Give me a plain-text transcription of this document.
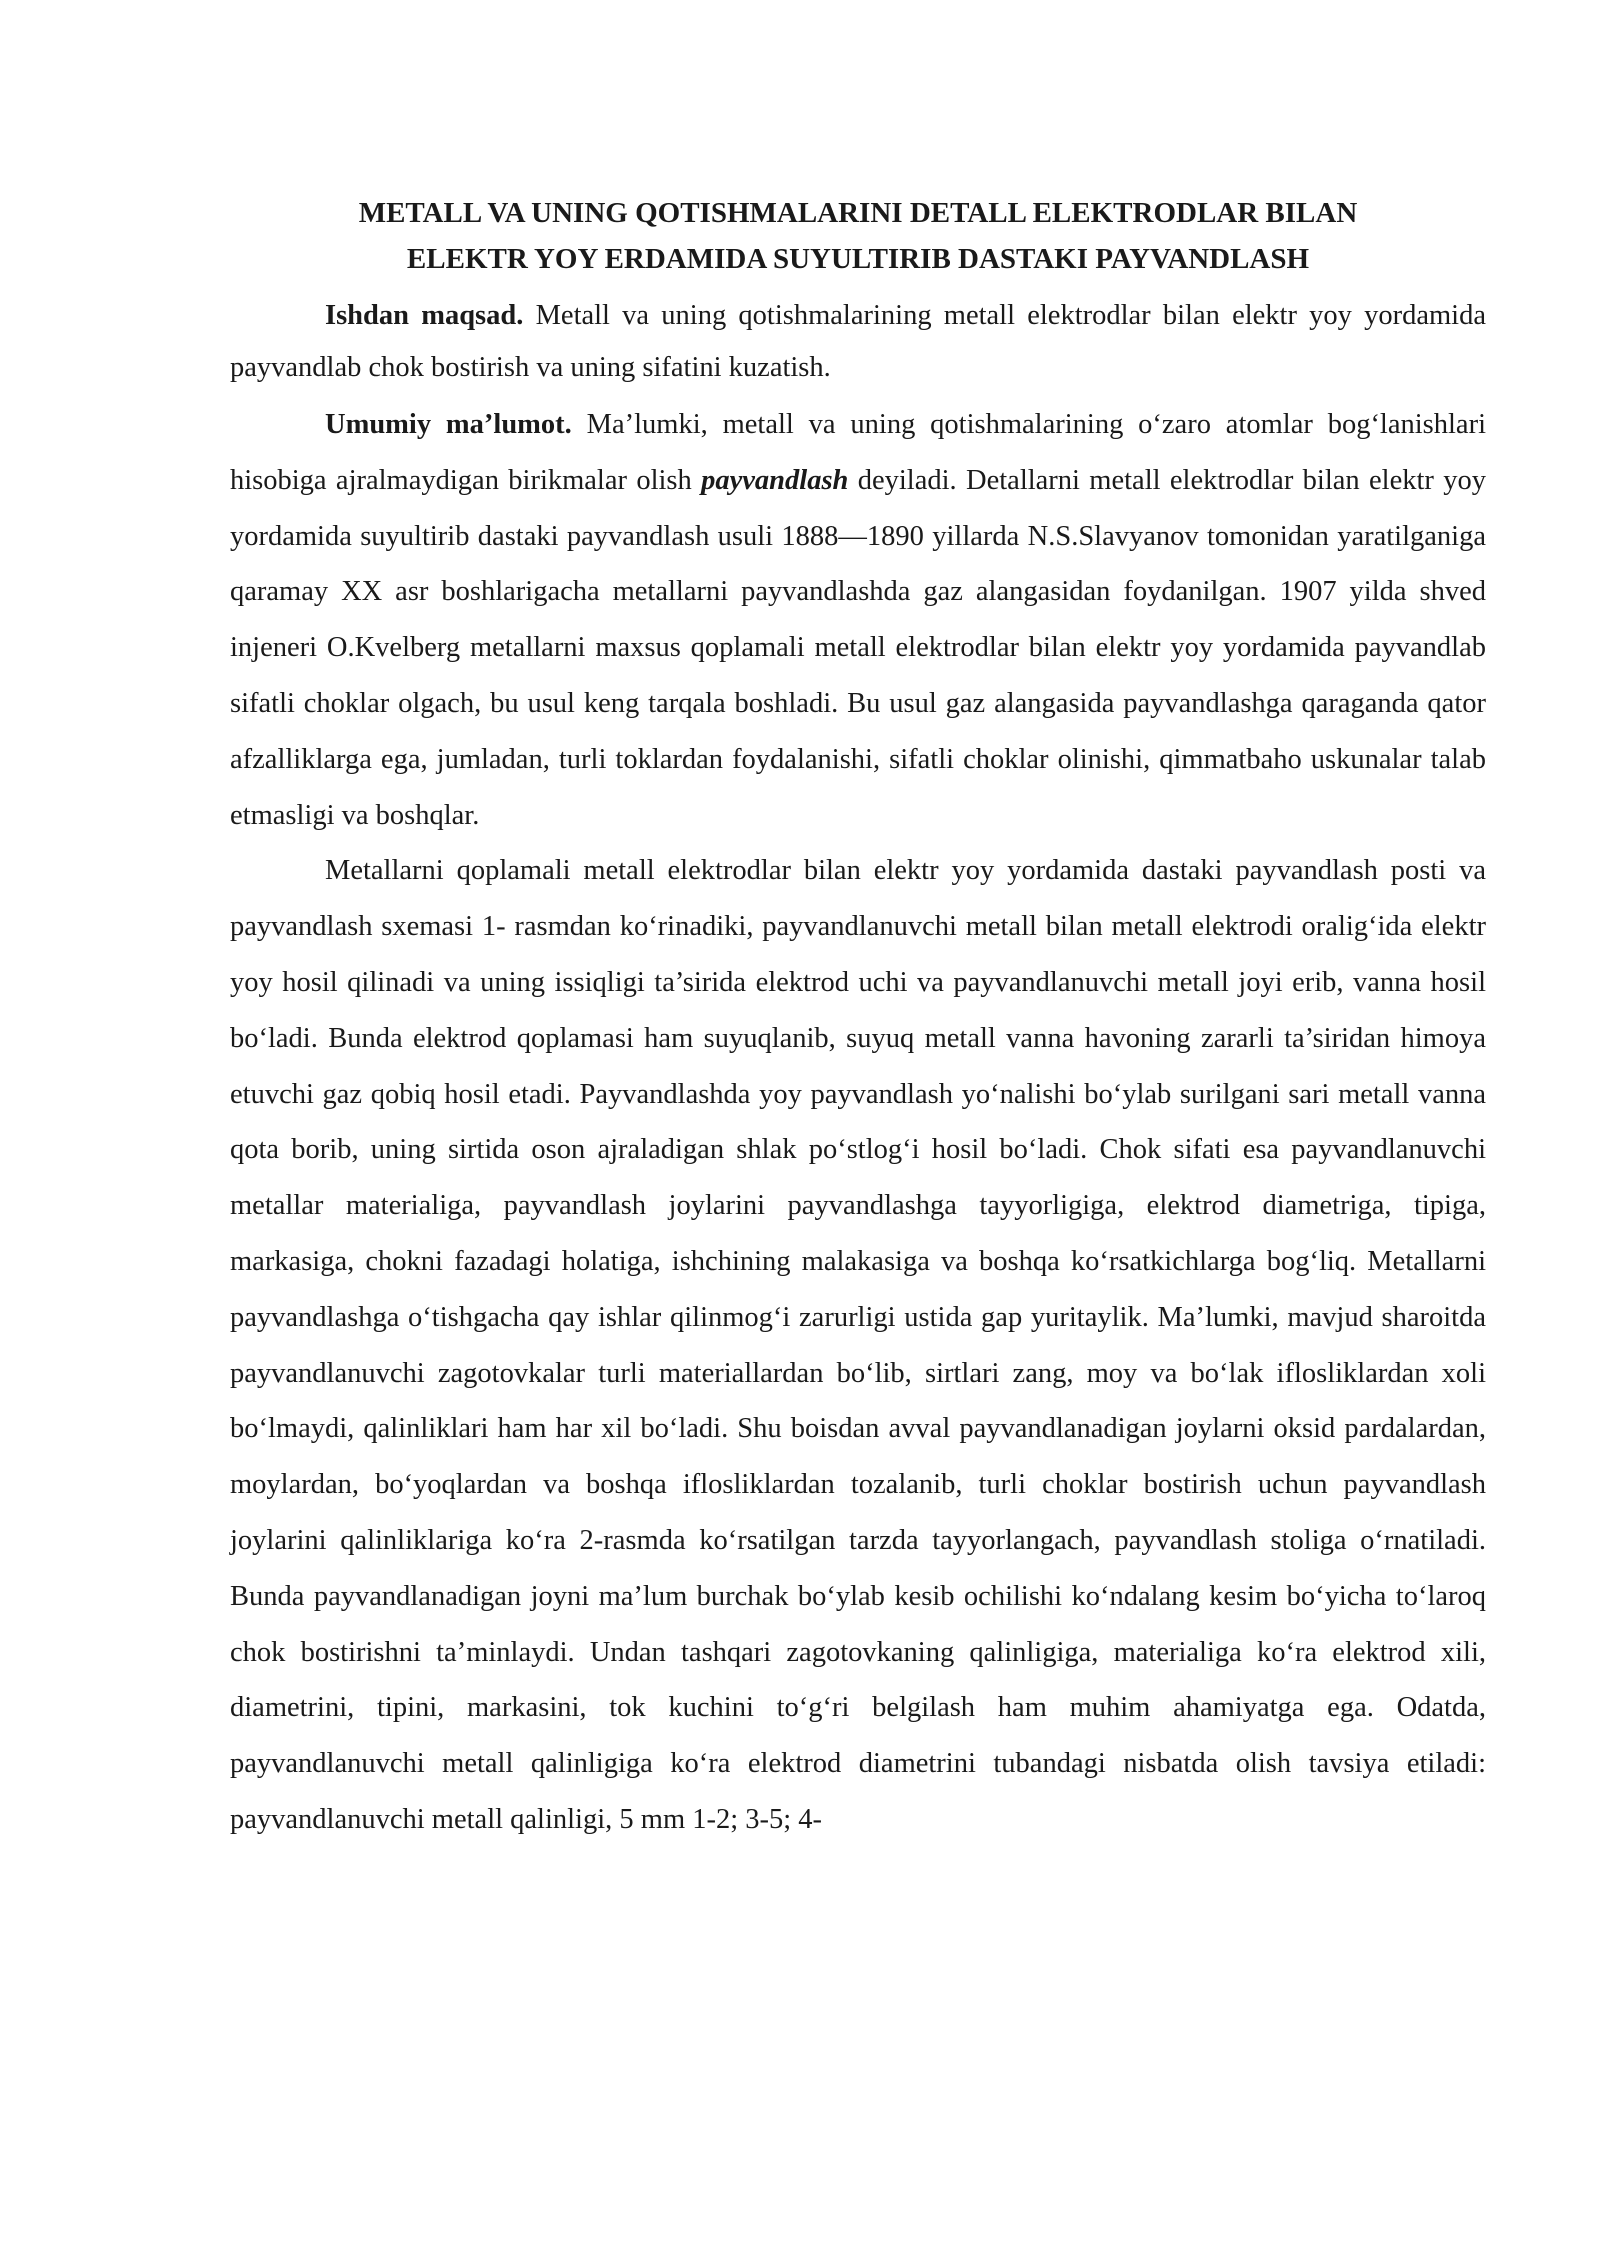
METALL VA UNING QOTISHMALARINI DETALL ELEKTRODLAR BILAN
ELEKTR YOY ERDAMIDA SUYULTIRIB DASTAKI PAYVANDLASH

Ishdan maqsad. Metall va uning qotishmalarining metall elektrodlar bilan elektr yoy yordamida payvandlab chok bostirish va uning sifatini kuzatish.

Umumiy ma’lumot. Ma’lumki, metall va uning qotishmalarining o‘zaro atomlar bog‘lanishlari hisobiga ajralmaydigan birikmalar olish payvandlash deyiladi. Detallarni metall elektrodlar bilan elektr yoy yordamida suyultirib dastaki payvandlash usuli 1888—1890 yillarda N.S.Slavyanov tomonidan yaratilganiga qaramay XX asr boshlarigacha metallarni payvandlashda gaz alangasidan foydanilgan. 1907 yilda shved injeneri O.Kvelberg metallarni maxsus qoplamali metall elektrodlar bilan elektr yoy yordamida payvandlab sifatli choklar olgach, bu usul keng tarqala boshladi. Bu usul gaz alangasida payvandlashga qaraganda qator afzalliklarga ega, jumladan, turli toklardan foydalanishi, sifatli choklar olinishi, qimmatbaho uskunalar talab etmasligi va boshqlar.

Metallarni qoplamali metall elektrodlar bilan elektr yoy yordamida dastaki payvandlash posti va payvandlash sxemasi 1- rasmdan ko‘rinadiki, payvandlanuvchi metall bilan metall elektrodi oralig‘ida elektr yoy hosil qilinadi va uning issiqligi ta’sirida elektrod uchi va payvandlanuvchi metall joyi erib, vanna hosil bo‘ladi. Bunda elektrod qoplamasi ham suyuqlanib, suyuq metall vanna havoning zararli ta’siridan himoya etuvchi gaz qobiq hosil etadi. Payvandlashda yoy payvandlash yo‘nalishi bo‘ylab surilgani sari metall vanna qota borib, uning sirtida oson ajraladigan shlak po‘stlog‘i hosil bo‘ladi. Chok sifati esa payvandlanuvchi metallar materialiga, payvandlash joylarini payvandlashga tayyorligiga, elektrod diametriga, tipiga, markasiga, chokni fazadagi holatiga, ishchining malakasiga va boshqa ko‘rsatkichlarga bog‘liq. Metallarni payvandlashga o‘tishgacha qay ishlar qilinmog‘i zarurligi ustida gap yuritaylik. Ma’lumki, mavjud sharoitda payvandlanuvchi zagotovkalar turli materiallardan bo‘lib, sirtlari zang, moy va bo‘lak iflosliklardan xoli bo‘lmaydi, qalinliklari ham har xil bo‘ladi. Shu boisdan avval payvandlanadigan joylarni oksid pardalardan, moylardan, bo‘yoqlardan va boshqa iflosliklardan tozalanib, turli choklar bostirish uchun payvandlash joylarini qalinliklariga ko‘ra 2-rasmda ko‘rsatilgan tarzda tayyorlangach, payvandlash stoliga o‘rnatiladi. Bunda payvandlanadigan joyni ma’lum burchak bo‘ylab kesib ochilishi ko‘ndalang kesim bo‘yicha to‘laroq chok bostirishni ta’minlaydi. Undan tashqari zagotovkaning qalinligiga, materialiga ko‘ra elektrod xili, diametrini, tipini, markasini, tok kuchini to‘g‘ri belgilash ham muhim ahamiyatga ega. Odatda, payvandlanuvchi metall qalinligiga ko‘ra elektrod diametrini tubandagi nisbatda olish tavsiya etiladi: payvandlanuvchi metall qalinligi, 5 mm 1-2; 3-5; 4-
